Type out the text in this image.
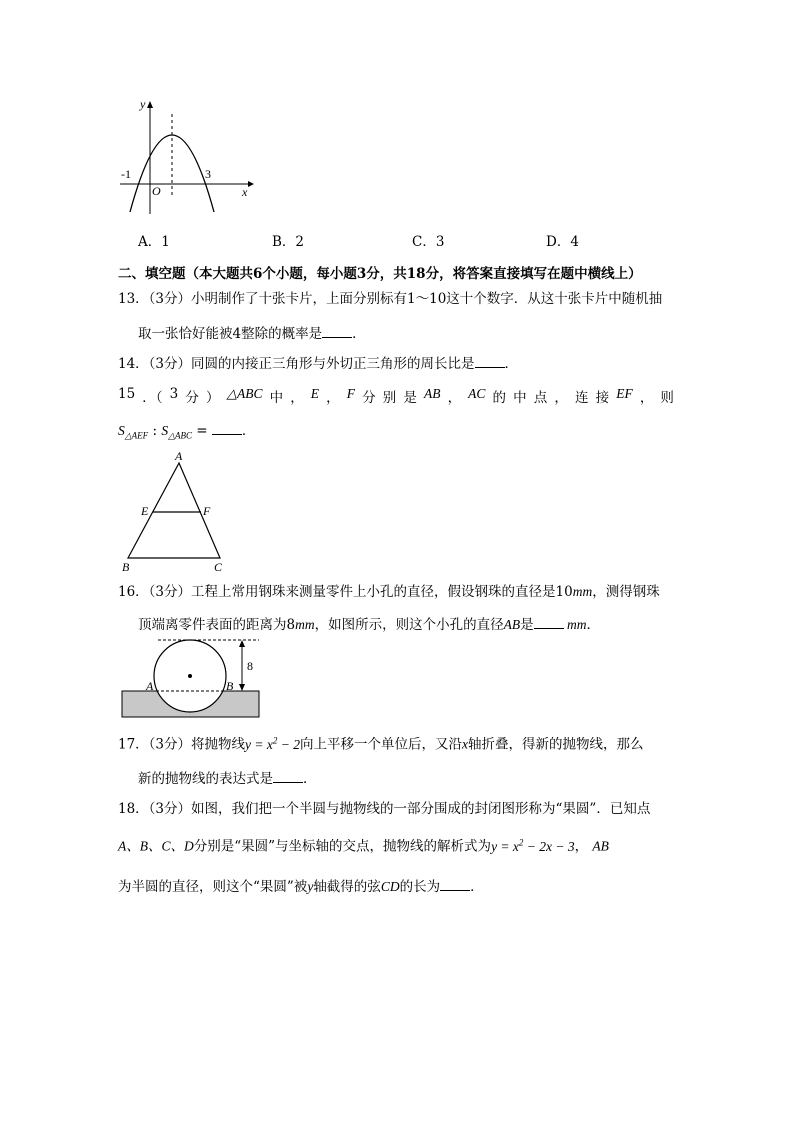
y
x
O
-1	3
A．1	B．2	C．3	D．4
二、填空题（本大题共6个小题，每小题3分，共18分，将答案直接填写在题中横线上）
13．（3分）小明制作了十张卡片，上面分别标有1～10这十个数字．从这十张卡片中随机抽
取一张恰好能被4整除的概率是 ．
14．（3分）同圆的内接正三角形与外切正三角形的周长比是 ．
15 ．（ 3 分 ） △ABC 中 ， E ， F 分 别 是 AB ， AC 的 中 点 ， 连 接 EF ， 则
$S_{\triangle AEF}$ : $S_{\triangle ABC}$ = ．
A
E	F
B	C
16．（3分）工程上常用钢珠来测量零件上小孔的直径，假设钢珠的直径是10mm，测得钢珠
顶端离零件表面的距离为8mm，如图所示，则这个小孔的直径AB是 mm．
8
A	B
17．（3分）将抛物线$y = x^2 - 2$向上平移一个单位后，又沿x轴折叠，得新的抛物线，那么
新的抛物线的表达式是 ．
18．（3分）如图，我们把一个半圆与抛物线的一部分围成的封闭图形称为“果圆”．已知点
A、B、C、D分别是“果圆”与坐标轴的交点，抛物线的解析式为$y = x^2 - 2x - 3$， AB
为半圆的直径，则这个“果圆”被y轴截得的弦CD的长为 ．
